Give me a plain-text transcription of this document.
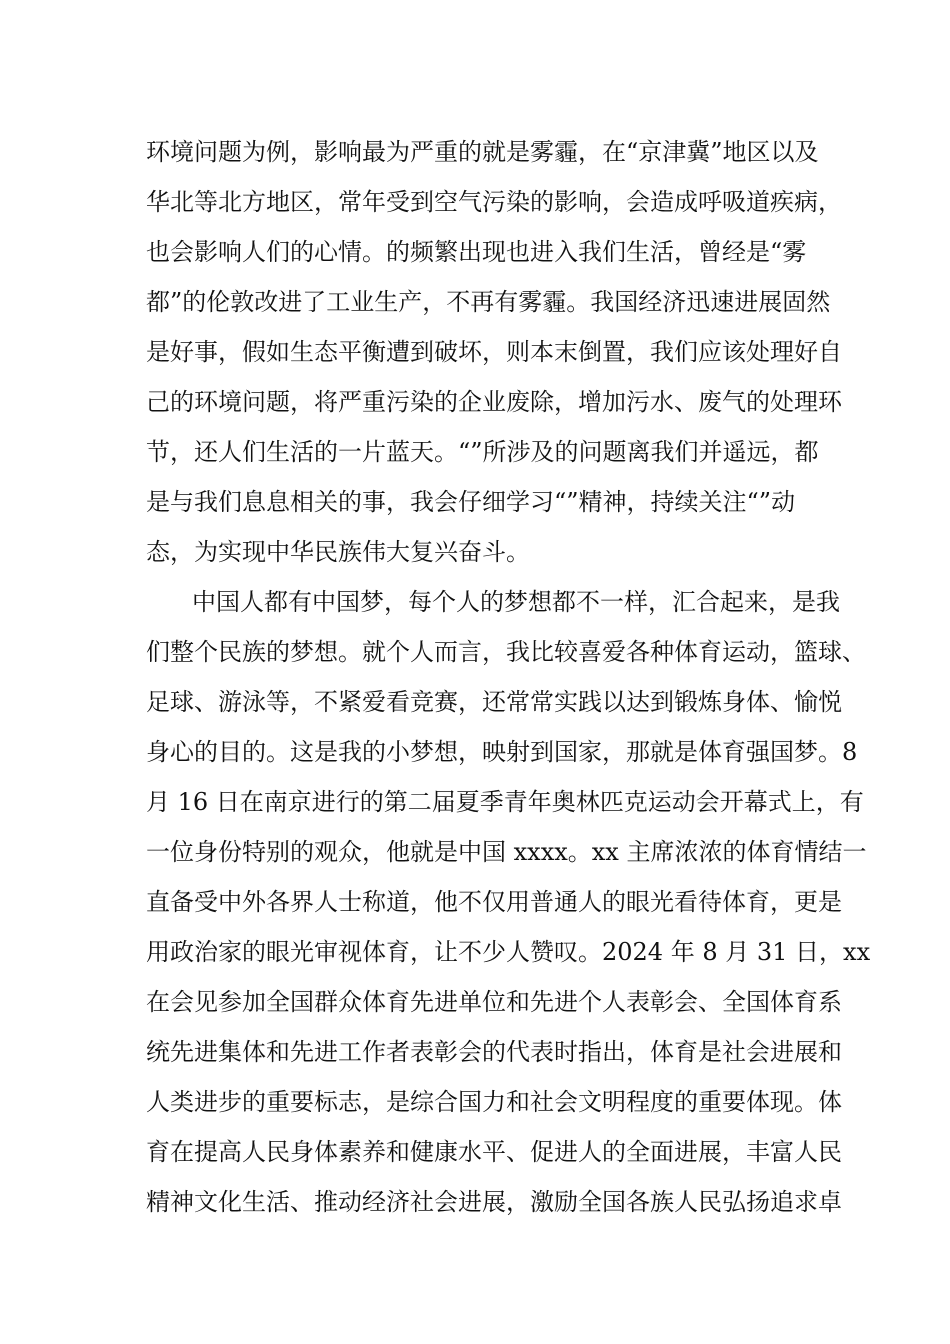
环境问题为例，影响最为严重的就是雾霾，在“京津冀”地区以及
华北等北方地区，常年受到空气污染的影响，会造成呼吸道疾病，
也会影响人们的心情。的频繁出现也进入我们生活，曾经是“雾
都”的伦敦改进了工业生产，不再有雾霾。我国经济迅速进展固然
是好事，假如生态平衡遭到破坏，则本末倒置，我们应该处理好自
己的环境问题，将严重污染的企业废除，增加污水、废气的处理环
节，还人们生活的一片蓝天。“”所涉及的问题离我们并遥远，都
是与我们息息相关的事，我会仔细学习“”精神，持续关注“”动
态，为实现中华民族伟大复兴奋斗。
中国人都有中国梦，每个人的梦想都不一样，汇合起来，是我
们整个民族的梦想。就个人而言，我比较喜爱各种体育运动，篮球、
足球、游泳等，不紧爱看竞赛，还常常实践以达到锻炼身体、愉悦
身心的目的。这是我的小梦想，映射到国家，那就是体育强国梦。8
月 16 日在南京进行的第二届夏季青年奥林匹克运动会开幕式上，有
一位身份特别的观众，他就是中国 xxxx。xx 主席浓浓的体育情结一
直备受中外各界人士称道，他不仅用普通人的眼光看待体育，更是
用政治家的眼光审视体育，让不少人赞叹。2024 年 8 月 31 日，xx
在会见参加全国群众体育先进单位和先进个人表彰会、全国体育系
统先进集体和先进工作者表彰会的代表时指出，体育是社会进展和
人类进步的重要标志，是综合国力和社会文明程度的重要体现。体
育在提高人民身体素养和健康水平、促进人的全面进展，丰富人民
精神文化生活、推动经济社会进展，激励全国各族人民弘扬追求卓
